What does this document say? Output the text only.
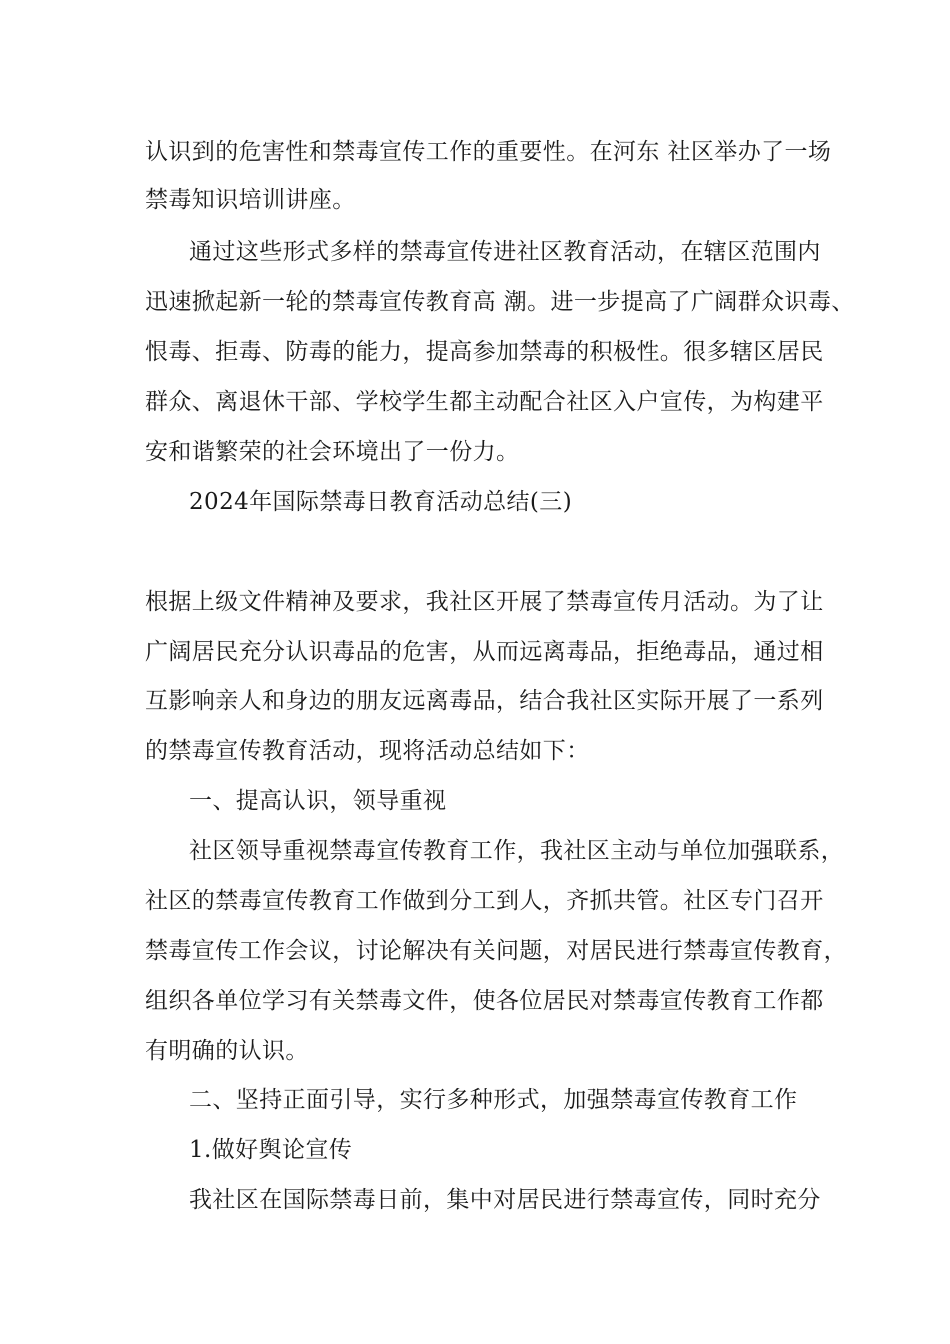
认识到的危害性和禁毒宣传工作的重要性。在河东 社区举办了一场
禁毒知识培训讲座。
通过这些形式多样的禁毒宣传进社区教育活动，在辖区范围内
迅速掀起新一轮的禁毒宣传教育高 潮。进一步提高了广阔群众识毒、
恨毒、拒毒、防毒的能力，提高参加禁毒的积极性。很多辖区居民
群众、离退休干部、学校学生都主动配合社区入户宣传，为构建平
安和谐繁荣的社会环境出了一份力。
2024年国际禁毒日教育活动总结(三)
根据上级文件精神及要求，我社区开展了禁毒宣传月活动。为了让
广阔居民充分认识毒品的危害，从而远离毒品，拒绝毒品，通过相
互影响亲人和身边的朋友远离毒品，结合我社区实际开展了一系列
的禁毒宣传教育活动，现将活动总结如下：
一、提高认识，领导重视
社区领导重视禁毒宣传教育工作，我社区主动与单位加强联系，
社区的禁毒宣传教育工作做到分工到人，齐抓共管。社区专门召开
禁毒宣传工作会议，讨论解决有关问题，对居民进行禁毒宣传教育，
组织各单位学习有关禁毒文件，使各位居民对禁毒宣传教育工作都
有明确的认识。
二、坚持正面引导，实行多种形式，加强禁毒宣传教育工作
1.做好舆论宣传
我社区在国际禁毒日前，集中对居民进行禁毒宣传，同时充分
